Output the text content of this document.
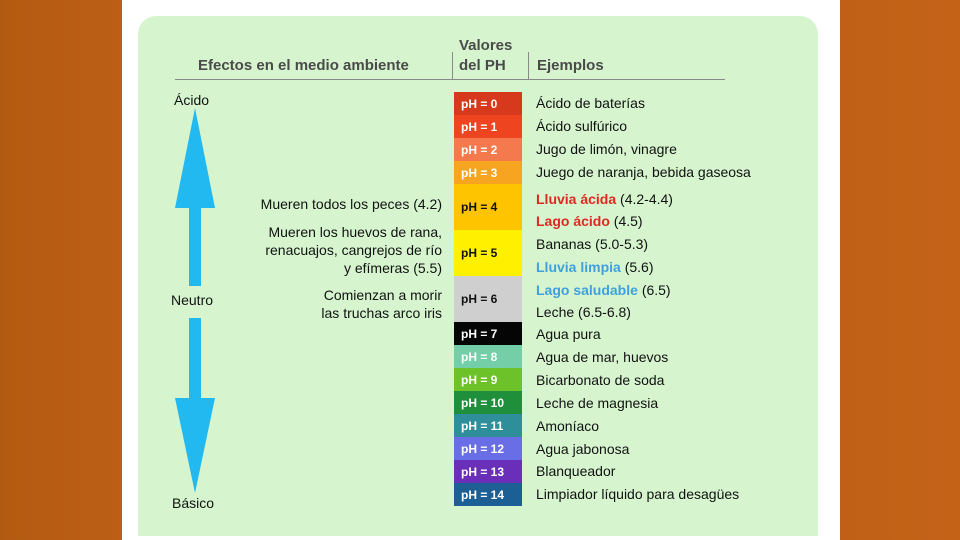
Efectos en el medio ambiente
Valores
del PH Ejemplos
Ácido
Neutro
Básico
Mueren todos los peces (4.2)
Mueren los huevos de rana,
renacuajos, cangrejos de río
y efímeras (5.5)
Comienzan a morir
las truchas arco iris
pH = 0
pH = 1
pH = 2
pH = 3
pH = 4
pH = 5
pH = 6
pH = 7
pH = 8
pH = 9
pH = 10
pH = 11
pH = 12
pH = 13
pH = 14
Ácido de baterías
Ácido sulfúrico
Jugo de limón, vinagre
Juego de naranja, bebida gaseosa
Lluvia ácida (4.2-4.4)
Lago ácido (4.5)
Bananas (5.0-5.3)
Lluvia limpia (5.6)
Lago saludable (6.5)
Leche (6.5-6.8)
Agua pura
Agua de mar, huevos
Bicarbonato de soda
Leche de magnesia
Amoníaco
Agua jabonosa
Blanqueador
Limpiador líquido para desagües
